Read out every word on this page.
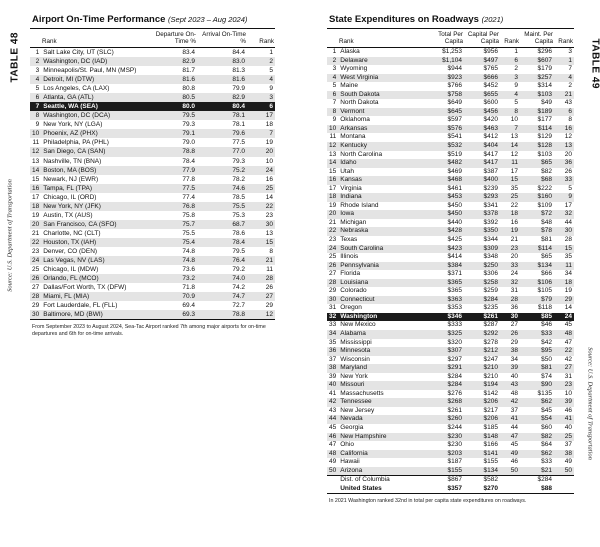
TABLE 48
Source: U.S. Department of Transportation
TABLE 49
Source: U.S. Department of Transportation
Airport On-Time Performance (Sept 2023 – Aug 2024)
Rank		Departure On-Time %	Arrival On-Time %	Rank
1	Salt Lake City, UT (SLC)	83.4	84.4	1
2	Washington, DC (IAD)	82.9	83.0	2
3	Minneapolis/St. Paul, MN (MSP)	81.7	81.3	5
4	Detroit, MI (DTW)	81.6	81.6	4
5	Los Angeles, CA (LAX)	80.8	79.9	9
6	Atlanta, GA (ATL)	80.5	82.9	3
7	Seattle, WA (SEA)	80.0	80.4	6
8	Washington, DC (DCA)	79.5	78.1	17
9	New York, NY (LGA)	79.3	78.1	18
10	Phoenix, AZ (PHX)	79.1	79.6	7
11	Philadelphia, PA (PHL)	79.0	77.5	19
12	San Diego, CA (SAN)	78.8	77.0	20
13	Nashville, TN (BNA)	78.4	79.3	10
14	Boston, MA (BOS)	77.9	75.2	24
15	Newark, NJ (EWR)	77.8	78.2	16
16	Tampa, FL (TPA)	77.5	74.6	25
17	Chicago, IL (ORD)	77.4	78.5	14
18	New York, NY (JFK)	76.8	75.5	22
19	Austin, TX (AUS)	75.8	75.3	23
20	San Francisco, CA (SFO)	75.7	68.7	30
21	Charlotte, NC (CLT)	75.5	78.6	13
22	Houston, TX (IAH)	75.4	78.4	15
23	Denver, CO (DEN)	74.8	79.5	8
24	Las Vegas, NV (LAS)	74.8	76.4	21
25	Chicago, IL (MDW)	73.6	79.2	11
26	Orlando, FL (MCO)	73.2	74.0	28
27	Dallas/Fort Worth, TX (DFW)	71.8	74.2	26
28	Miami, FL (MIA)	70.9	74.7	27
29	Fort Lauderdale, FL (FLL)	69.4	72.7	29
30	Baltimore, MD (BWI)	69.3	78.8	12
From September 2023 to August 2024, Sea-Tac Airport ranked 7th among major airports for on-time departures and 6th for on-time arrivals.
State Expenditures on Roadways (2021)
Rank		Total Per Capita	Capital Per Capita	Rank	Maint. Per Capita	Rank
1	Alaska	$1,253	$956	1	$296	3
2	Delaware	$1,104	$497	6	$607	1
3	Wyoming	$944	$765	2	$179	7
4	West Virginia	$923	$666	3	$257	4
5	Maine	$766	$452	9	$314	2
6	South Dakota	$758	$655	4	$103	21
7	North Dakota	$649	$600	5	$49	43
8	Vermont	$645	$456	8	$189	6
9	Oklahoma	$597	$420	10	$177	8
10	Arkansas	$576	$463	7	$114	16
11	Montana	$541	$412	13	$129	12
12	Kentucky	$532	$404	14	$128	13
13	North Carolina	$519	$417	12	$103	20
14	Idaho	$482	$417	11	$65	36
15	Utah	$469	$387	17	$82	26
16	Kansas	$468	$400	15	$68	33
17	Virginia	$461	$239	35	$222	5
18	Indiana	$453	$293	25	$160	9
19	Rhode Island	$450	$341	22	$109	17
20	Iowa	$450	$378	18	$72	32
21	Michigan	$440	$392	16	$48	44
22	Nebraska	$428	$350	19	$78	30
23	Texas	$425	$344	21	$81	28
24	South Carolina	$423	$309	23	$114	15
25	Illinois	$414	$348	20	$65	35
26	Pennsylvania	$384	$250	33	$134	11
27	Florida	$371	$306	24	$66	34
28	Louisiana	$365	$258	32	$106	18
29	Colorado	$365	$259	31	$105	19
30	Connecticut	$363	$284	28	$79	29
31	Oregon	$353	$235	36	$118	14
32	Washington	$346	$261	30	$85	24
33	New Mexico	$333	$287	27	$46	45
34	Alabama	$325	$292	26	$33	48
35	Mississippi	$320	$278	29	$42	47
36	Minnesota	$307	$212	38	$95	22
37	Wisconsin	$297	$247	34	$50	42
38	Maryland	$291	$210	39	$81	27
39	New York	$284	$210	40	$74	31
40	Missouri	$284	$194	43	$90	23
41	Massachusetts	$276	$142	48	$135	10
42	Tennessee	$268	$206	42	$62	39
43	New Jersey	$261	$217	37	$45	46
44	Nevada	$260	$206	41	$54	41
45	Georgia	$244	$185	44	$60	40
46	New Hampshire	$230	$148	47	$82	25
47	Ohio	$230	$166	45	$64	37
48	California	$203	$141	49	$62	38
49	Hawaii	$187	$155	46	$33	49
50	Arizona	$155	$134	50	$21	50
	Dist. of Columbia	$867	$582		$284	
	United States	$357	$270		$88	
In 2021 Washington ranked 32nd in total per capita state expenditures on roadways.
